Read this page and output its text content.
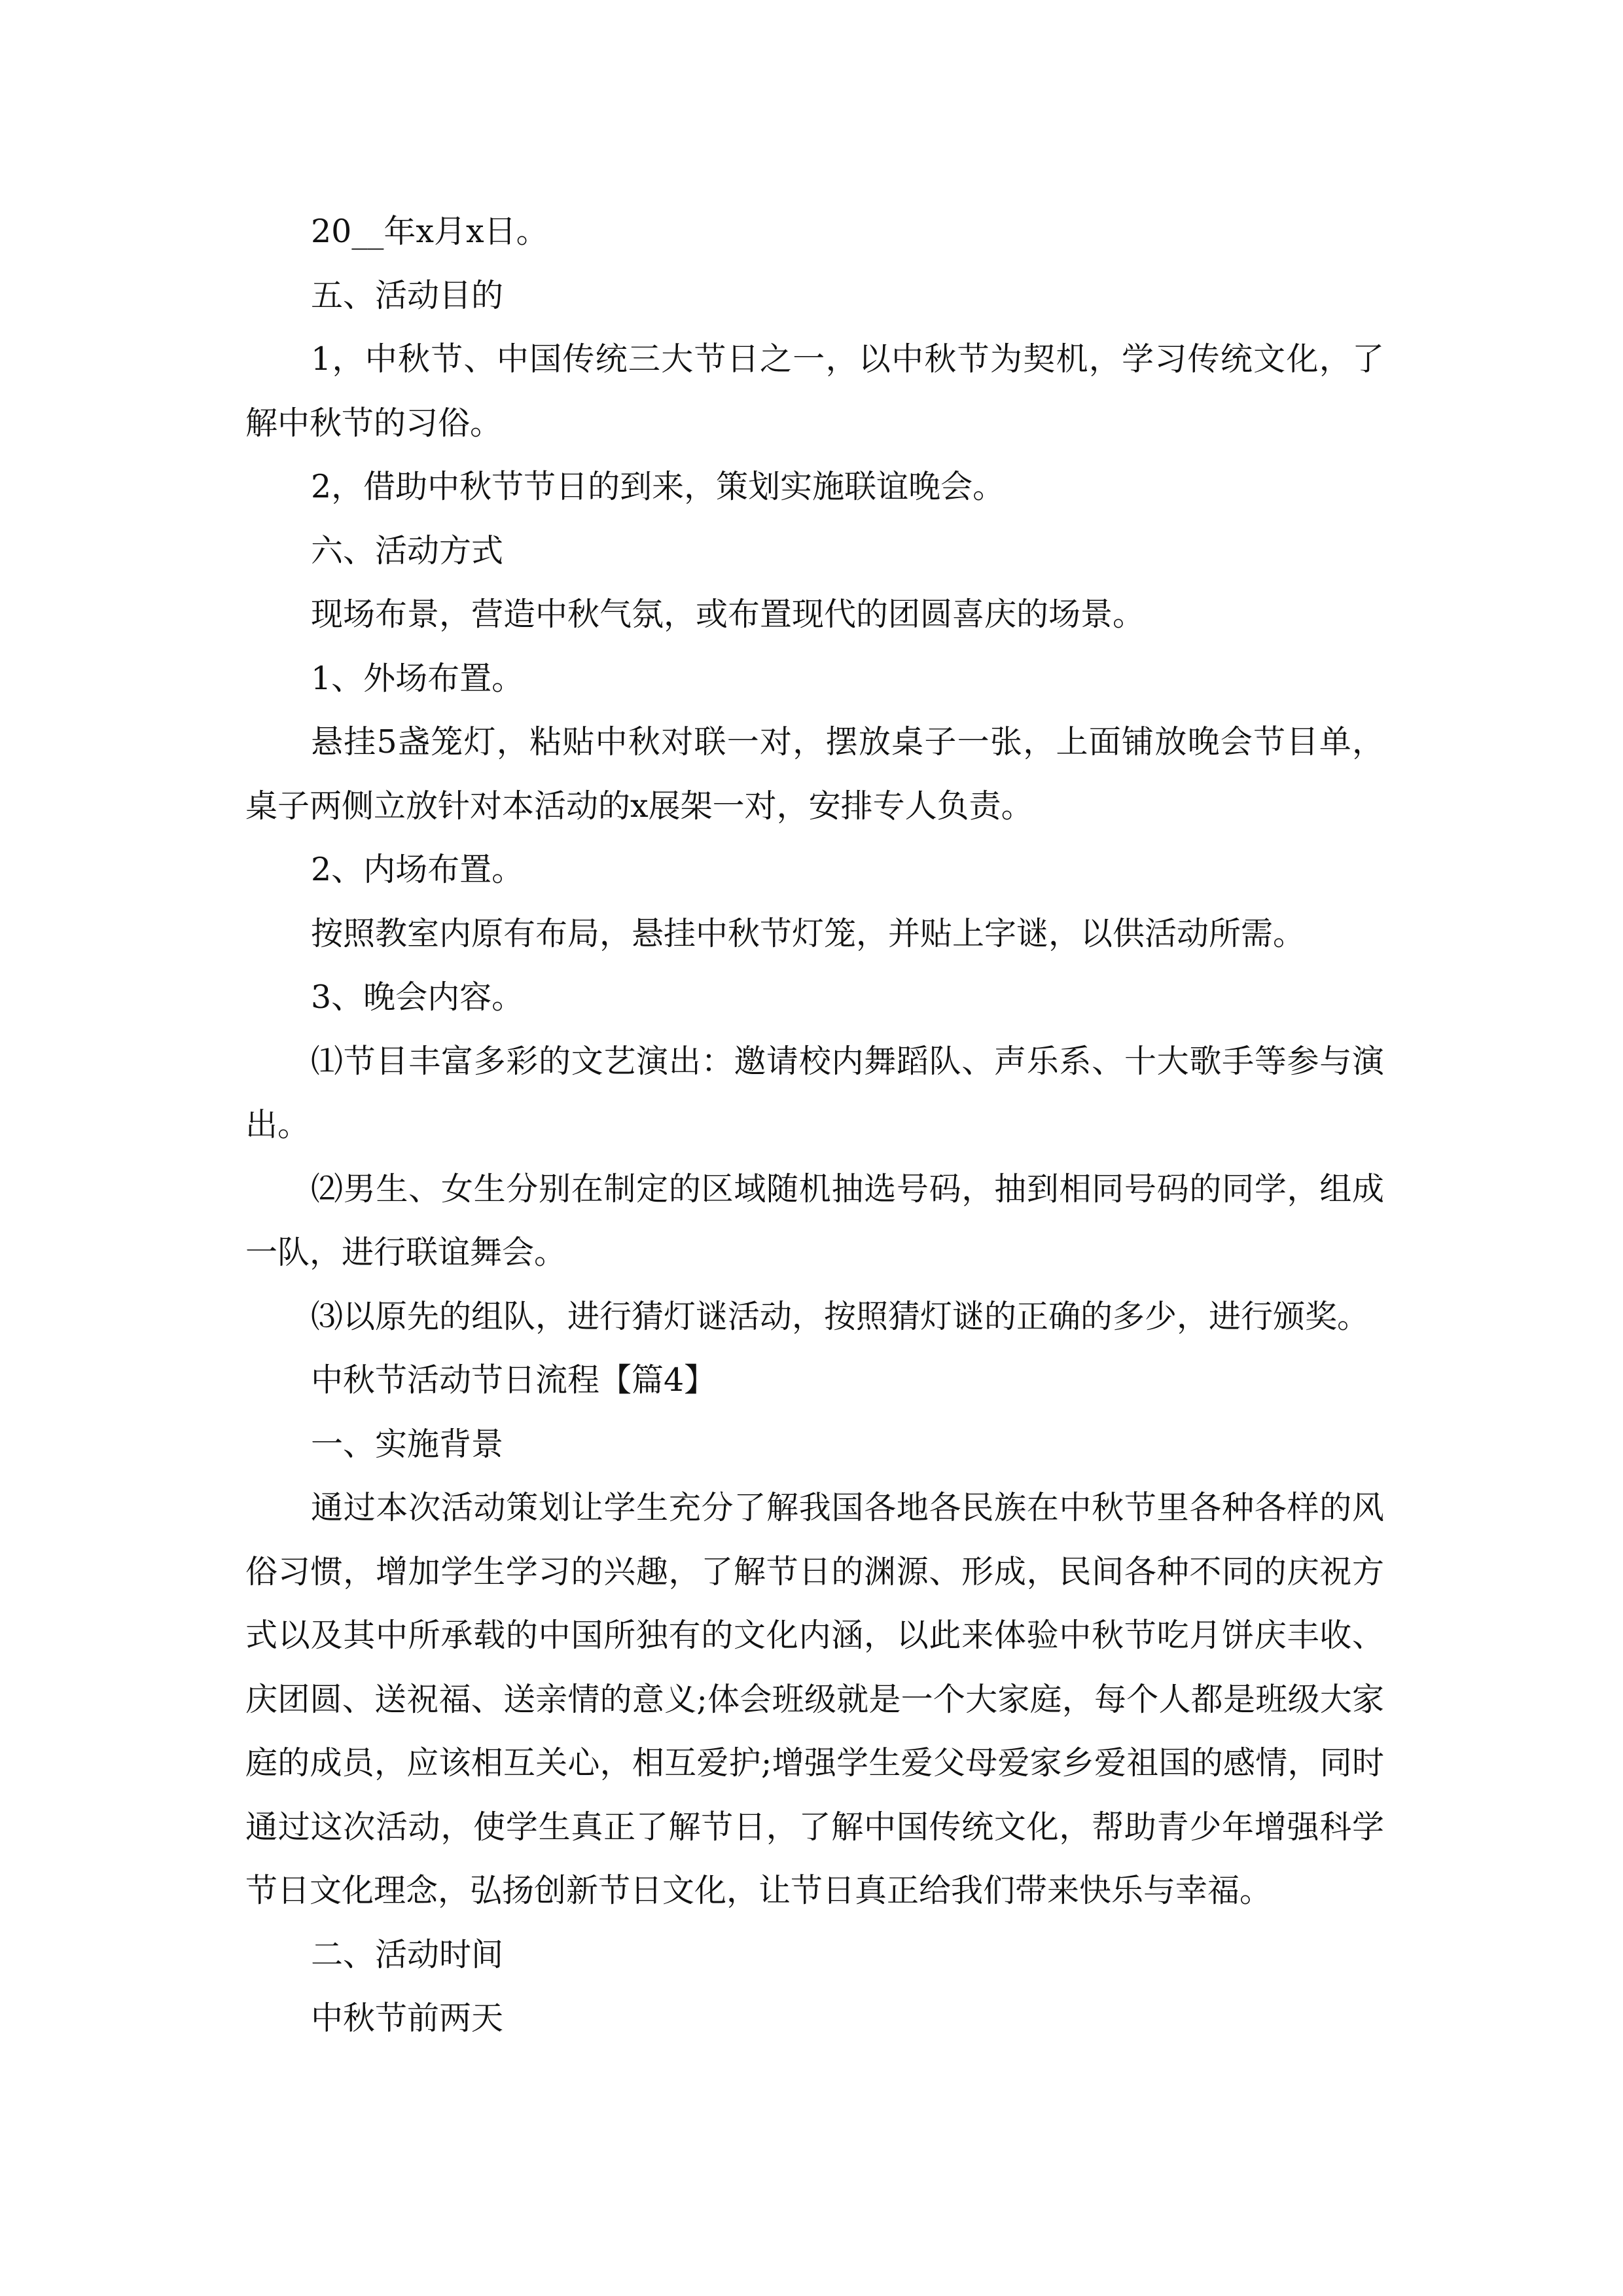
20__年x月x日。

五、活动目的

1，中秋节、中国传统三大节日之一，以中秋节为契机，学习传统文化，了解中秋节的习俗。

2，借助中秋节节日的到来，策划实施联谊晚会。

六、活动方式

现场布景，营造中秋气氛，或布置现代的团圆喜庆的场景。

1、外场布置。

悬挂5盏笼灯，粘贴中秋对联一对，摆放桌子一张，上面铺放晚会节目单，桌子两侧立放针对本活动的x展架一对，安排专人负责。

2、内场布置。

按照教室内原有布局，悬挂中秋节灯笼，并贴上字谜，以供活动所需。

3、晚会内容。

⑴节目丰富多彩的文艺演出：邀请校内舞蹈队、声乐系、十大歌手等参与演出。

⑵男生、女生分别在制定的区域随机抽选号码，抽到相同号码的同学，组成一队，进行联谊舞会。

⑶以原先的组队，进行猜灯谜活动，按照猜灯谜的正确的多少，进行颁奖。

中秋节活动节日流程【篇4】

一、实施背景

通过本次活动策划让学生充分了解我国各地各民族在中秋节里各种各样的风俗习惯，增加学生学习的兴趣，了解节日的渊源、形成，民间各种不同的庆祝方式以及其中所承载的中国所独有的文化内涵，以此来体验中秋节吃月饼庆丰收、庆团圆、送祝福、送亲情的意义;体会班级就是一个大家庭，每个人都是班级大家庭的成员，应该相互关心，相互爱护;增强学生爱父母爱家乡爱祖国的感情，同时通过这次活动，使学生真正了解节日，了解中国传统文化，帮助青少年增强科学节日文化理念，弘扬创新节日文化，让节日真正给我们带来快乐与幸福。

二、活动时间

中秋节前两天
